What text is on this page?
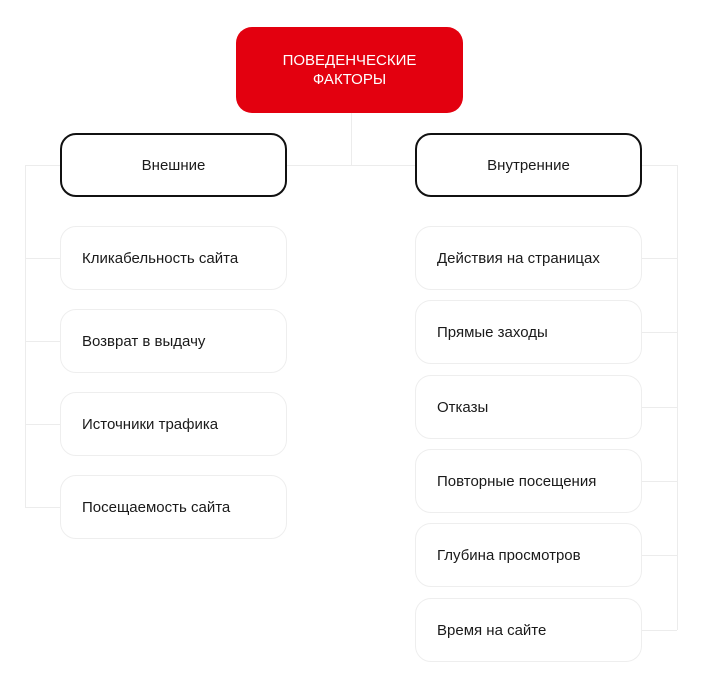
ПОВЕДЕНЧЕСКИЕ
ФАКТОРЫ
Внешние	Внутренние
Кликабельность сайта
Возврат в выдачу
Источники трафика
Посещаемость сайта
Действия на страницах
Прямые заходы
Отказы
Повторные посещения
Глубина просмотров
Время на сайте
